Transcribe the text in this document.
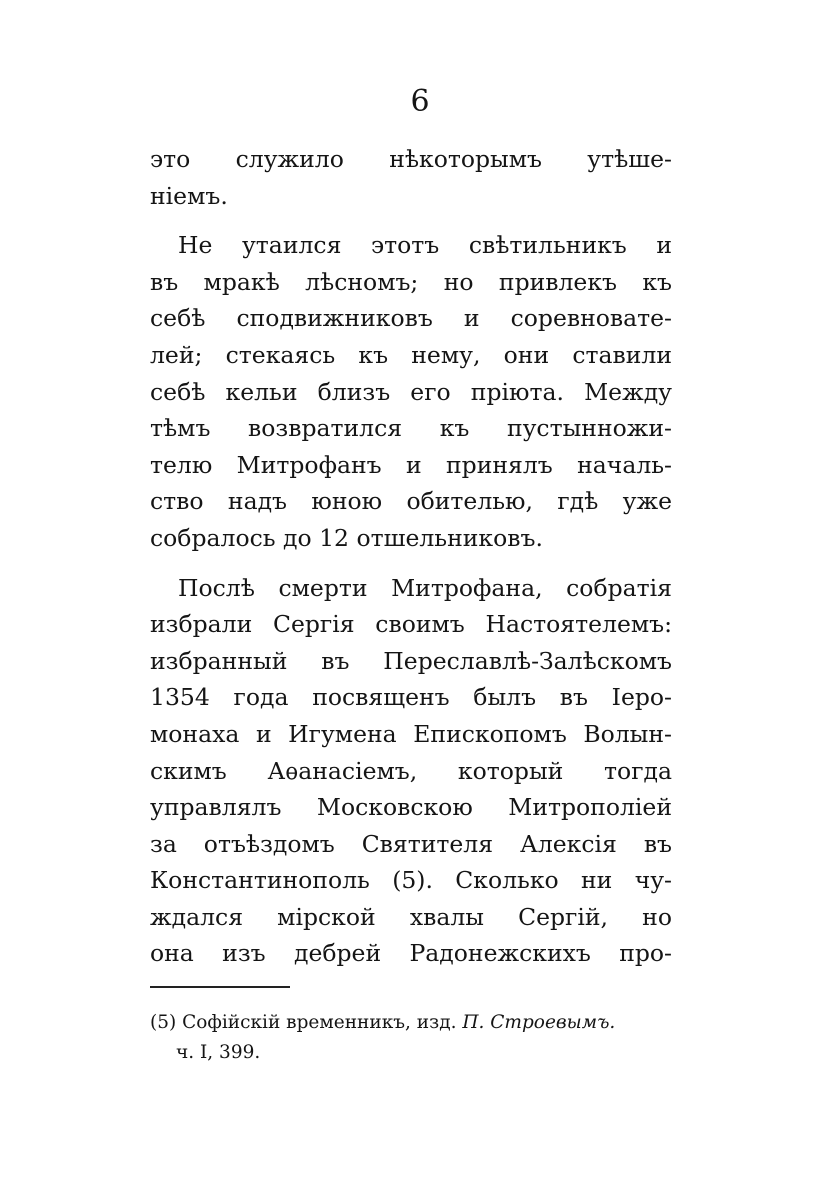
6
это служило нѣкоторымъ утѣше-
ніемъ.
Не утаился этотъ свѣтильникъ и
въ мракѣ лѣсномъ; но привлекъ къ
себѣ сподвижниковъ и соревновате-
лей; стекаясь къ нему, они ставили
себѣ кельи близъ его пріюта. Между
тѣмъ возвратился къ пустынножи-
телю Митрофанъ и принялъ началь-
ство надъ юною обителью, гдѣ уже
собралось до 12 отшельниковъ.
Послѣ смерти Митрофана, собратія
избрали Сергія своимъ Настоятелемъ:
избранный въ Переславлѣ-Залѣскомъ
1354 года посвященъ былъ въ Іеро-
монаха и Игумена Епископомъ Волын-
скимъ Аѳанасіемъ, который тогда
управлялъ Московскою Митрополіей
за отъѣздомъ Святителя Алексія въ
Константинополь (5). Сколько ни чу-
ждался мірской хвалы Сергій, но
она изъ дебрей Радонежскихъ про-
(5) Софійскій временникъ, изд. П. Строевымъ.
ч. I, 399.
